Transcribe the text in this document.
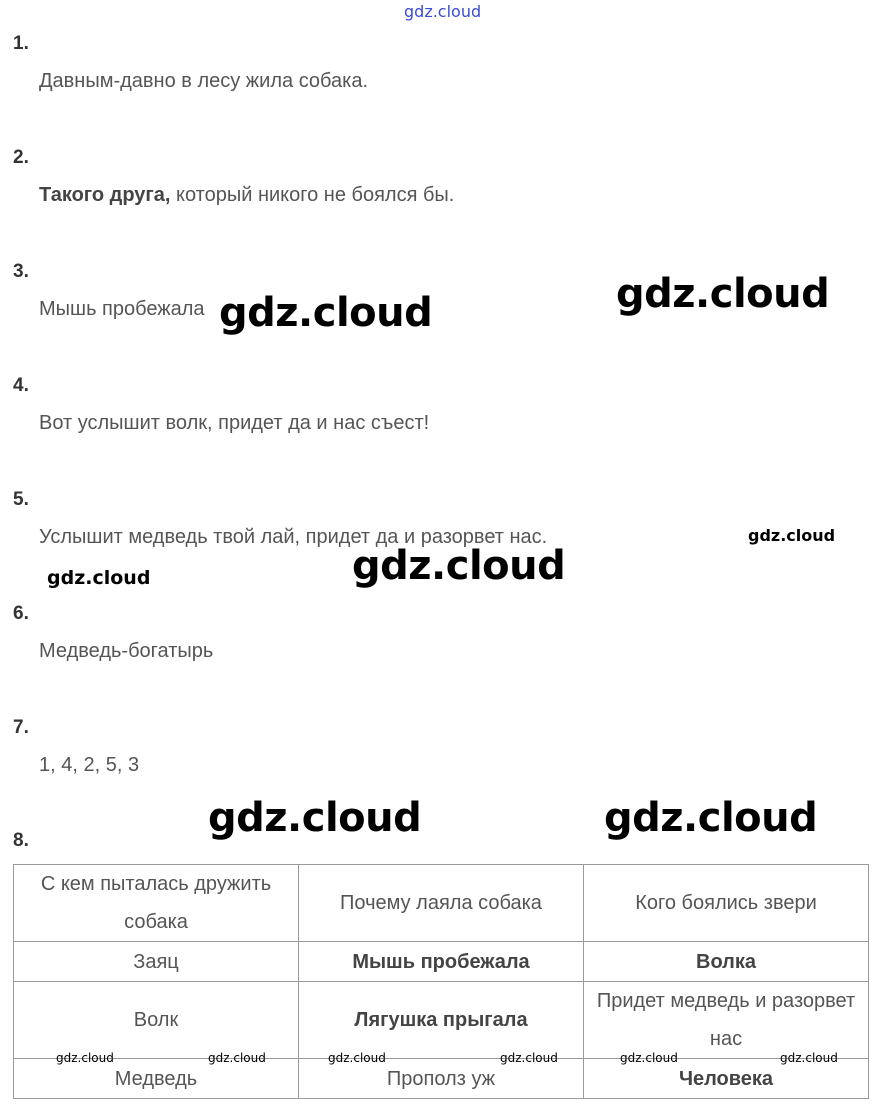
gdz.cloud
1.
Давным-давно в лесу жила собака.
2.
Такого друга, который никого не боялся бы.
3.
Мышь пробежала
4.
Вот услышит волк, придет да и нас съест!
5.
Услышит медведь твой лай, придет да и разорвет нас.
6.
Медведь-богатырь
7.
1, 4, 2, 5, 3
8.
С кем пыталась дружить собака	Почему лаяла собака	Кого боялись звери
Заяц	Мышь пробежала	Волка
Волк	Лягушка прыгала	Придет медведь и разорвет нас
Медведь	Прополз уж	Человека
gdz.cloud
gdz.cloud
gdz.cloud
gdz.cloud
gdz.cloud
gdz.cloud	gdz.cloud
gdz.cloud	gdz.cloud	gdz.cloud	gdz.cloud	gdz.cloud	gdz.cloud
